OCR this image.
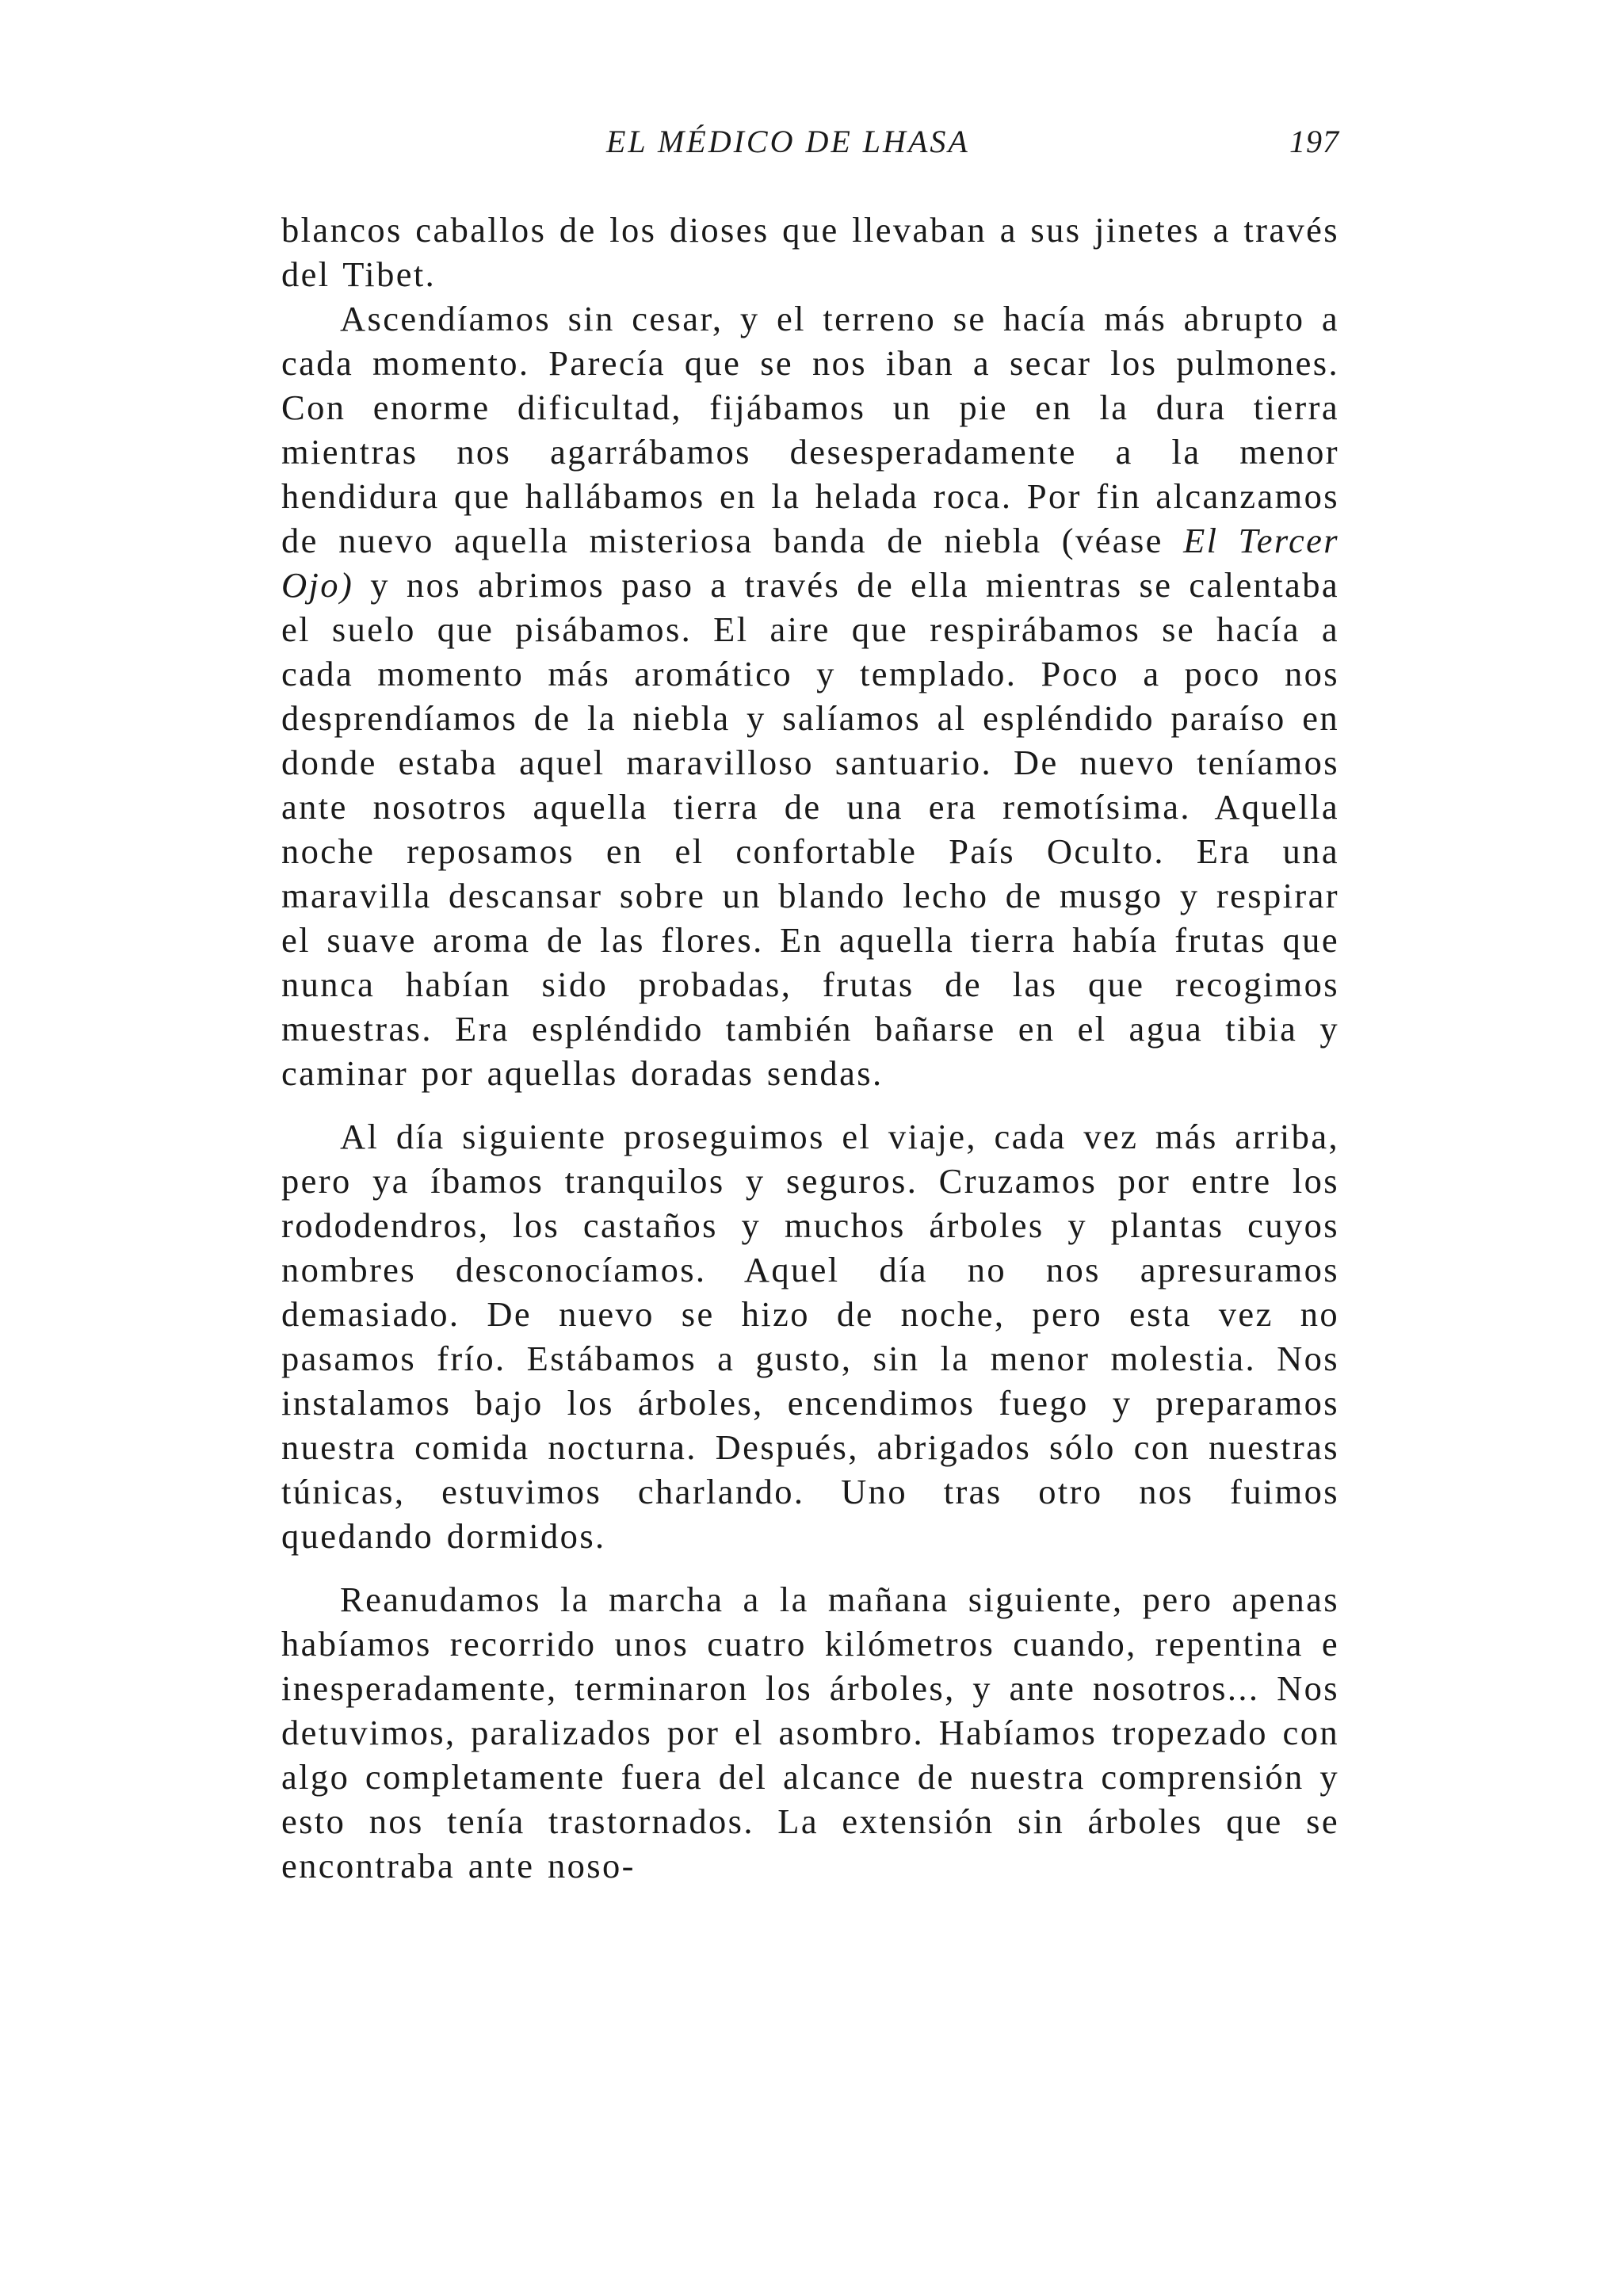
EL MÉDICO DE LHASA	197

blancos caballos de los dioses que llevaban a sus jinetes a través del Tibet.

Ascendíamos sin cesar, y el terreno se hacía más abrupto a cada momento. Parecía que se nos iban a secar los pulmones. Con enorme dificultad, fijábamos un pie en la dura tierra mientras nos agarrábamos desesperadamente a la menor hendidura que hallábamos en la helada roca. Por fin alcanzamos de nuevo aquella misteriosa banda de niebla (véase El Tercer Ojo) y nos abrimos paso a través de ella mientras se calentaba el suelo que pisábamos. El aire que respirábamos se hacía a cada momento más aromático y templado. Poco a poco nos desprendíamos de la niebla y salíamos al espléndido paraíso en donde estaba aquel maravilloso santuario. De nuevo teníamos ante nosotros aquella tierra de una era remotísima. Aquella noche reposamos en el confortable País Oculto. Era una maravilla descansar sobre un blando lecho de musgo y respirar el suave aroma de las flores. En aquella tierra había frutas que nunca habían sido probadas, frutas de las que recogimos muestras. Era espléndido también bañarse en el agua tibia y caminar por aquellas doradas sendas.

Al día siguiente proseguimos el viaje, cada vez más arriba, pero ya íbamos tranquilos y seguros. Cruzamos por entre los rododendros, los castaños y muchos árboles y plantas cuyos nombres desconocíamos. Aquel día no nos apresuramos demasiado. De nuevo se hizo de noche, pero esta vez no pasamos frío. Estábamos a gusto, sin la menor molestia. Nos instalamos bajo los árboles, encendimos fuego y preparamos nuestra comida nocturna. Después, abrigados sólo con nuestras túnicas, estuvimos charlando. Uno tras otro nos fuimos quedando dormidos.

Reanudamos la marcha a la mañana siguiente, pero apenas habíamos recorrido unos cuatro kilómetros cuando, repentina e inesperadamente, terminaron los árboles, y ante nosotros... Nos detuvimos, paralizados por el asombro. Habíamos tropezado con algo completamente fuera del alcance de nuestra comprensión y esto nos tenía trastornados. La extensión sin árboles que se encontraba ante noso-
